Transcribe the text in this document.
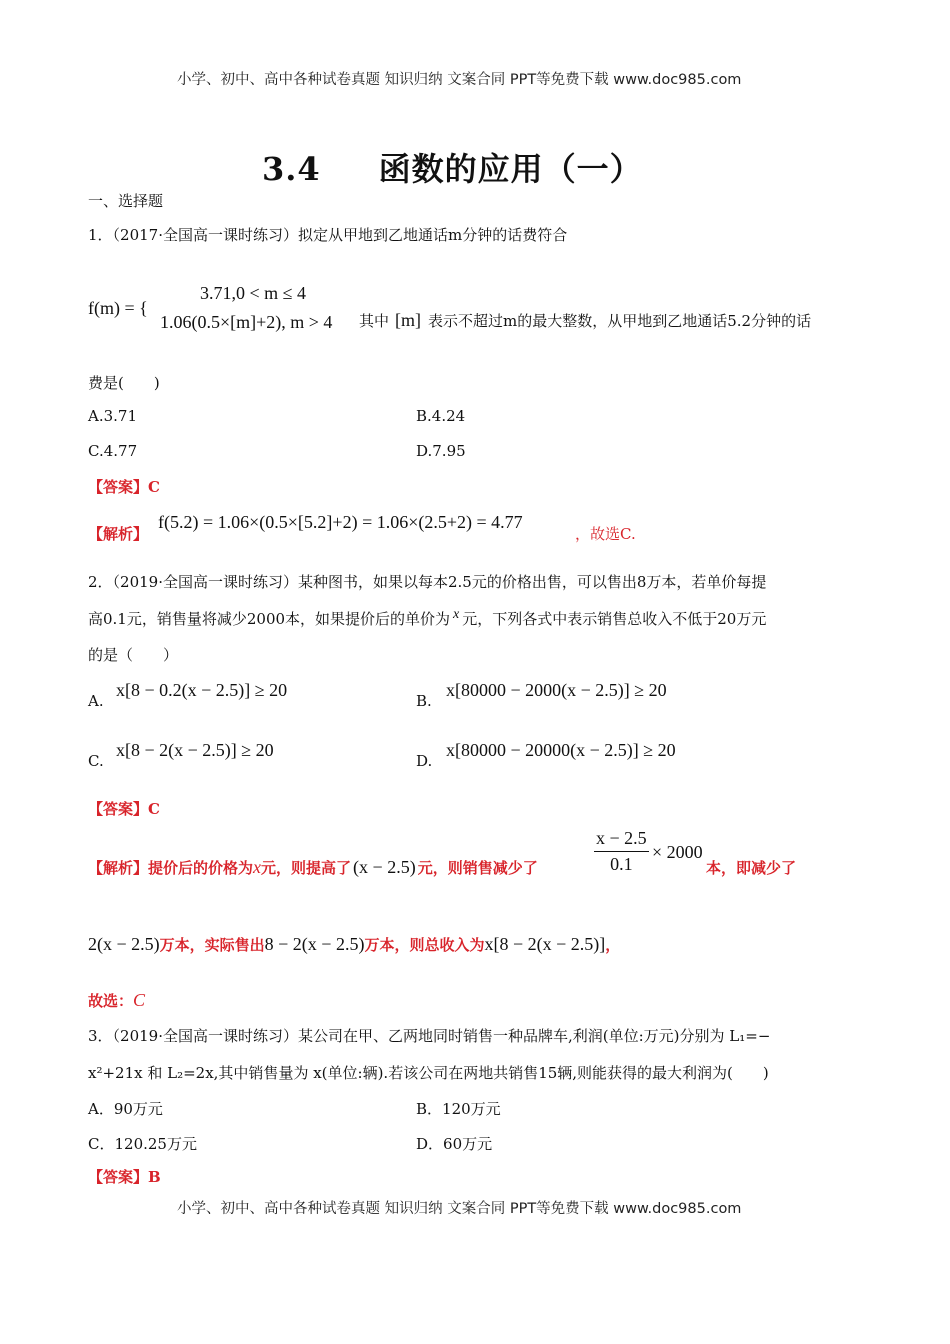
小学、初中、高中各种试卷真题 知识归纳 文案合同 PPT等免费下载 www.doc985.com
小学、初中、高中各种试卷真题 知识归纳 文案合同 PPT等免费下载 www.doc985.com
3.4 函数的应用（一）
一、选择题
1．（2017·全国高一课时练习）拟定从甲地到乙地通话m分钟的话费符合
f(m) = {
3.71,0 < m ≤ 4
1.06(0.5×[m]+2), m > 4 其中 [m] 表示不超过m的最大整数，从甲地到乙地通话5.2分钟的话
费是(　　)
A.3.71	B.4.24
C.4.77	D.7.95
【答案】C
【解析】
f(5.2) = 1.06×(0.5×[5.2]+2) = 1.06×(2.5+2) = 4.77
，故选C.
2．（2019·全国高一课时练习）某种图书，如果以每本2.5元的价格出售，可以售出8万本，若单价每提
高0.1元，销售量将减少2000本，如果提价后的单价为 x 元，下列各式中表示销售总收入不低于20万元
的是（　　）
A.
x[8 − 0.2(x − 2.5)] ≥ 20
B.
x[80000 − 2000(x − 2.5)] ≥ 20
C.
x[8 − 2(x − 2.5)] ≥ 20
D.
x[80000 − 20000(x − 2.5)] ≥ 20
【答案】C
【解析】提价后的价格为x元，则提高了 (x − 2.5) 元，则销售减少了	$\frac{x - 2.5}{0.1} \times 2000$
本，即减少了
2(x − 2.5)万本，实际售出8 − 2(x − 2.5)万本，则总收入为x[8 − 2(x − 2.5)]，
故选：C
3．（2019·全国高一课时练习）某公司在甲、乙两地同时销售一种品牌车,利润(单位:万元)分别为 L₁=−
x²+21x 和 L₂=2x,其中销售量为 x(单位:辆).若该公司在两地共销售15辆,则能获得的最大利润为(　　)
A．90万元	B．120万元
C．120.25万元	D．60万元
【答案】B
